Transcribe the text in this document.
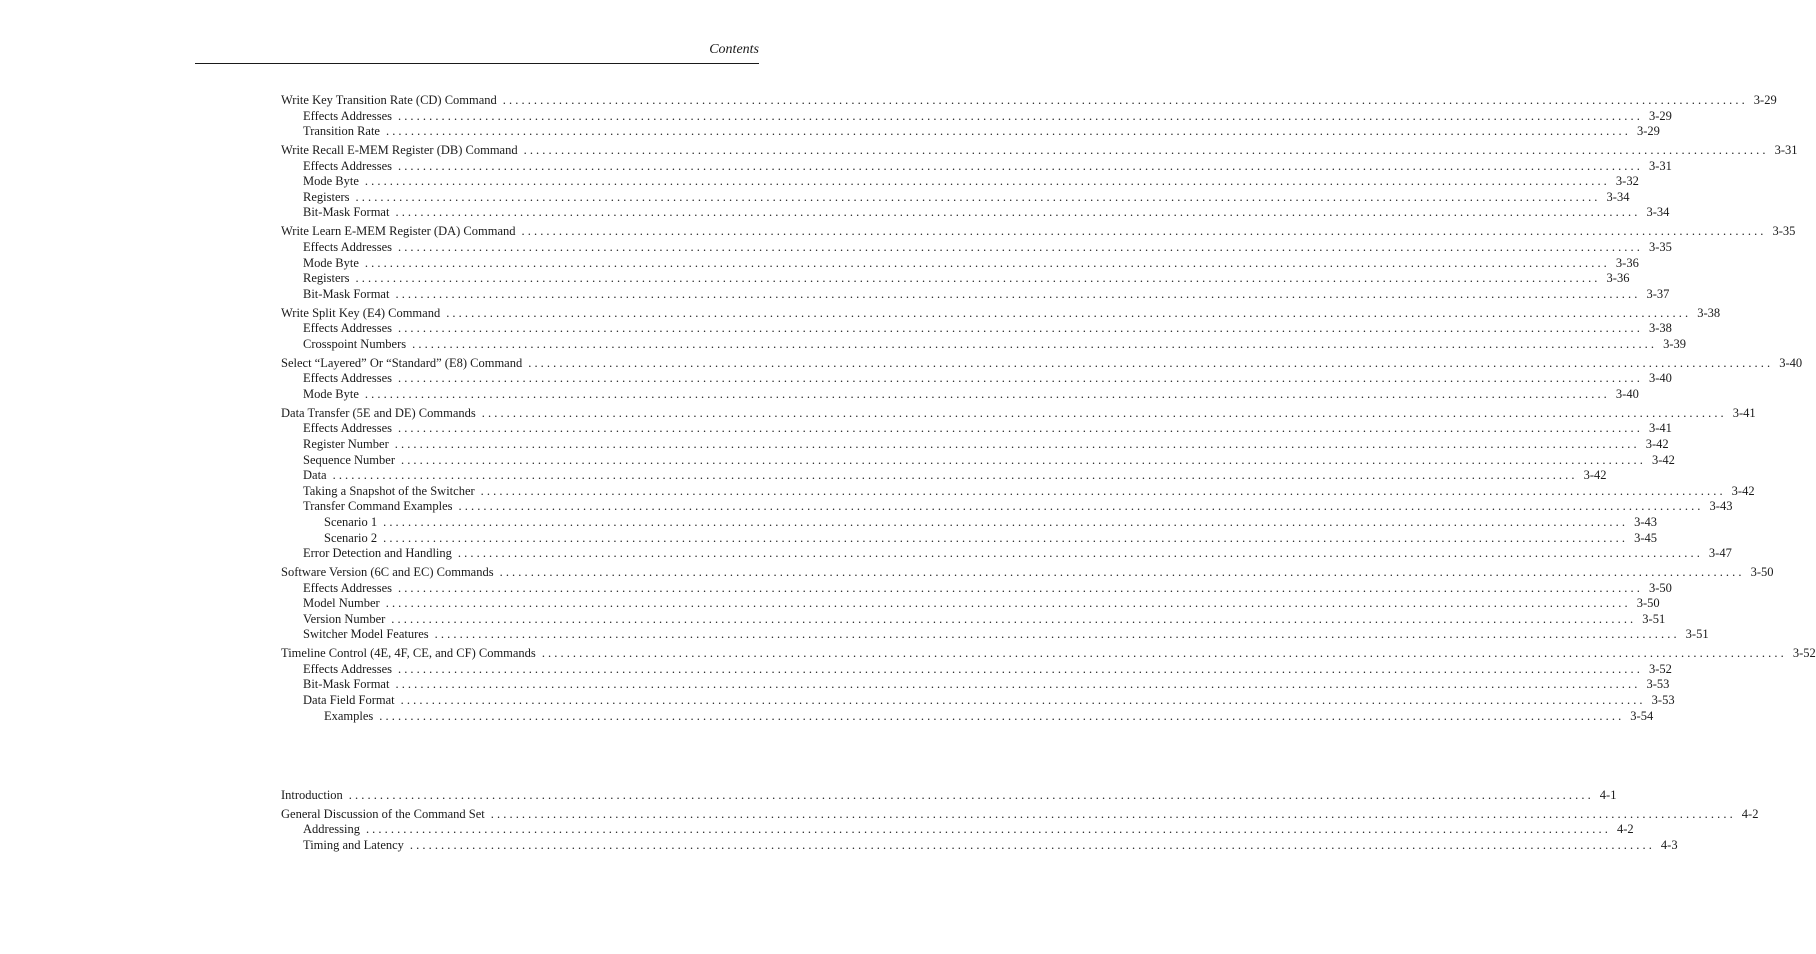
Contents
Write Key Transition Rate (CD) Command ........................................................................................................................................................................................................ 3-29
Effects Addresses ........................................................................................................................................................................................................ 3-29
Transition Rate ........................................................................................................................................................................................................ 3-29
Write Recall E-MEM Register (DB) Command ........................................................................................................................................................................................................ 3-31
Effects Addresses ........................................................................................................................................................................................................ 3-31
Mode Byte ........................................................................................................................................................................................................ 3-32
Registers ........................................................................................................................................................................................................ 3-34
Bit-Mask Format ........................................................................................................................................................................................................ 3-34
Write Learn E-MEM Register (DA) Command ........................................................................................................................................................................................................ 3-35
Effects Addresses ........................................................................................................................................................................................................ 3-35
Mode Byte ........................................................................................................................................................................................................ 3-36
Registers ........................................................................................................................................................................................................ 3-36
Bit-Mask Format ........................................................................................................................................................................................................ 3-37
Write Split Key (E4) Command ........................................................................................................................................................................................................ 3-38
Effects Addresses ........................................................................................................................................................................................................ 3-38
Crosspoint Numbers ........................................................................................................................................................................................................ 3-39
Select “Layered” Or “Standard” (E8) Command ........................................................................................................................................................................................................ 3-40
Effects Addresses ........................................................................................................................................................................................................ 3-40
Mode Byte ........................................................................................................................................................................................................ 3-40
Data Transfer (5E and DE) Commands ........................................................................................................................................................................................................ 3-41
Effects Addresses ........................................................................................................................................................................................................ 3-41
Register Number ........................................................................................................................................................................................................ 3-42
Sequence Number ........................................................................................................................................................................................................ 3-42
Data ........................................................................................................................................................................................................ 3-42
Taking a Snapshot of the Switcher ........................................................................................................................................................................................................ 3-42
Transfer Command Examples ........................................................................................................................................................................................................ 3-43
Scenario 1 ........................................................................................................................................................................................................ 3-43
Scenario 2 ........................................................................................................................................................................................................ 3-45
Error Detection and Handling ........................................................................................................................................................................................................ 3-47
Software Version (6C and EC) Commands ........................................................................................................................................................................................................ 3-50
Effects Addresses ........................................................................................................................................................................................................ 3-50
Model Number ........................................................................................................................................................................................................ 3-50
Version Number ........................................................................................................................................................................................................ 3-51
Switcher Model Features ........................................................................................................................................................................................................ 3-51
Timeline Control (4E, 4F, CE, and CF) Commands ........................................................................................................................................................................................................ 3-52
Effects Addresses ........................................................................................................................................................................................................ 3-52
Bit-Mask Format ........................................................................................................................................................................................................ 3-53
Data Field Format ........................................................................................................................................................................................................ 3-53
Examples ........................................................................................................................................................................................................ 3-54
Introduction ........................................................................................................................................................................................................ 4-1
General Discussion of the Command Set ........................................................................................................................................................................................................ 4-2
Addressing ........................................................................................................................................................................................................ 4-2
Timing and Latency ........................................................................................................................................................................................................ 4-3
